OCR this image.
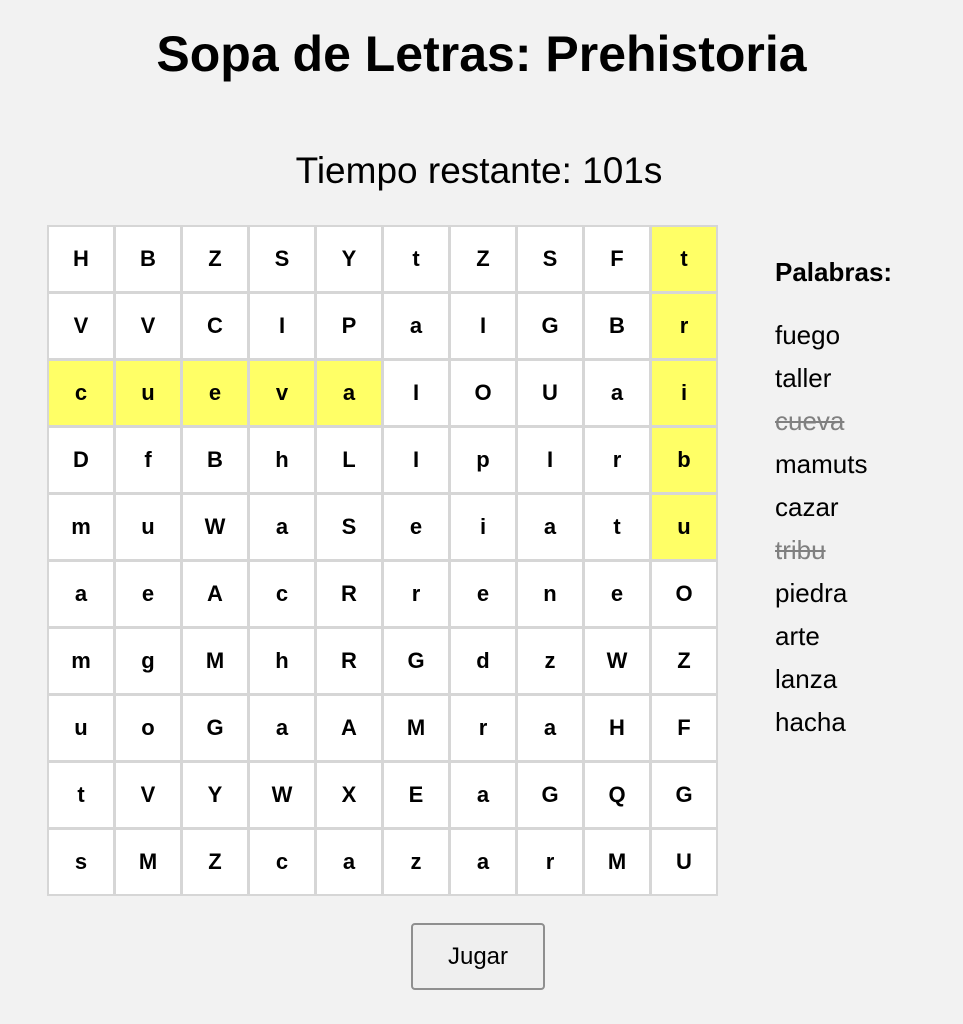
Sopa de Letras: Prehistoria
Tiempo restante: 101s
H	B	Z	S	Y	t	Z	S	F	t
V	V	C	I	P	a	I	G	B	r
c	u	e	v	a	I	O	U	a	i
D	f	B	h	L	I	p	I	r	b
m	u	W	a	S	e	i	a	t	u
a	e	A	c	R	r	e	n	e	O
m	g	M	h	R	G	d	z	W	Z
u	o	G	a	A	M	r	a	H	F
t	V	Y	W	X	E	a	G	Q	G
s	M	Z	c	a	z	a	r	M	U
Palabras:
fuego
taller
cueva
mamuts
cazar
tribu
piedra
arte
lanza
hacha
Jugar
